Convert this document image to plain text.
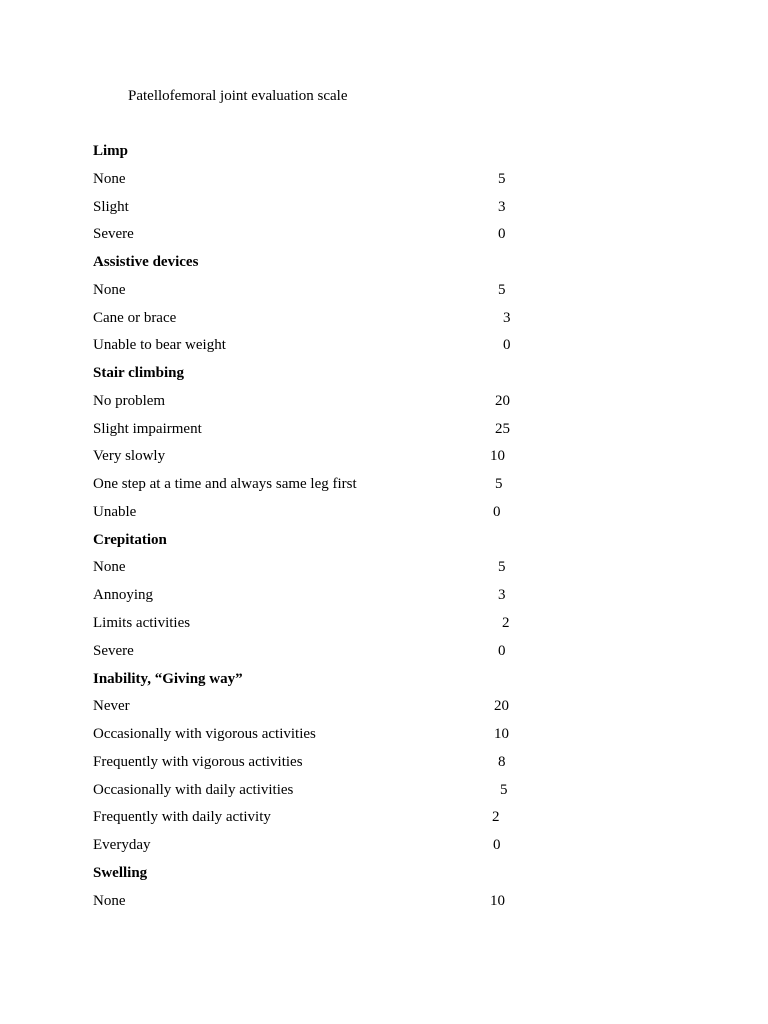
Patellofemoral joint evaluation scale
Limp
None	5
Slight	3
Severe	0
Assistive devices
None	5
Cane or brace	3
Unable to bear weight	0
Stair climbing
No problem	20
Slight impairment	25
Very slowly	10
One step at a time and always same leg first	5
Unable	0
Crepitation
None	5
Annoying	3
Limits activities	2
Severe	0
Inability, “Giving way”
Never	20
Occasionally with vigorous activities	10
Frequently with vigorous activities	8
Occasionally with daily activities	5
Frequently with daily activity	2
Everyday	0
Swelling
None	10
